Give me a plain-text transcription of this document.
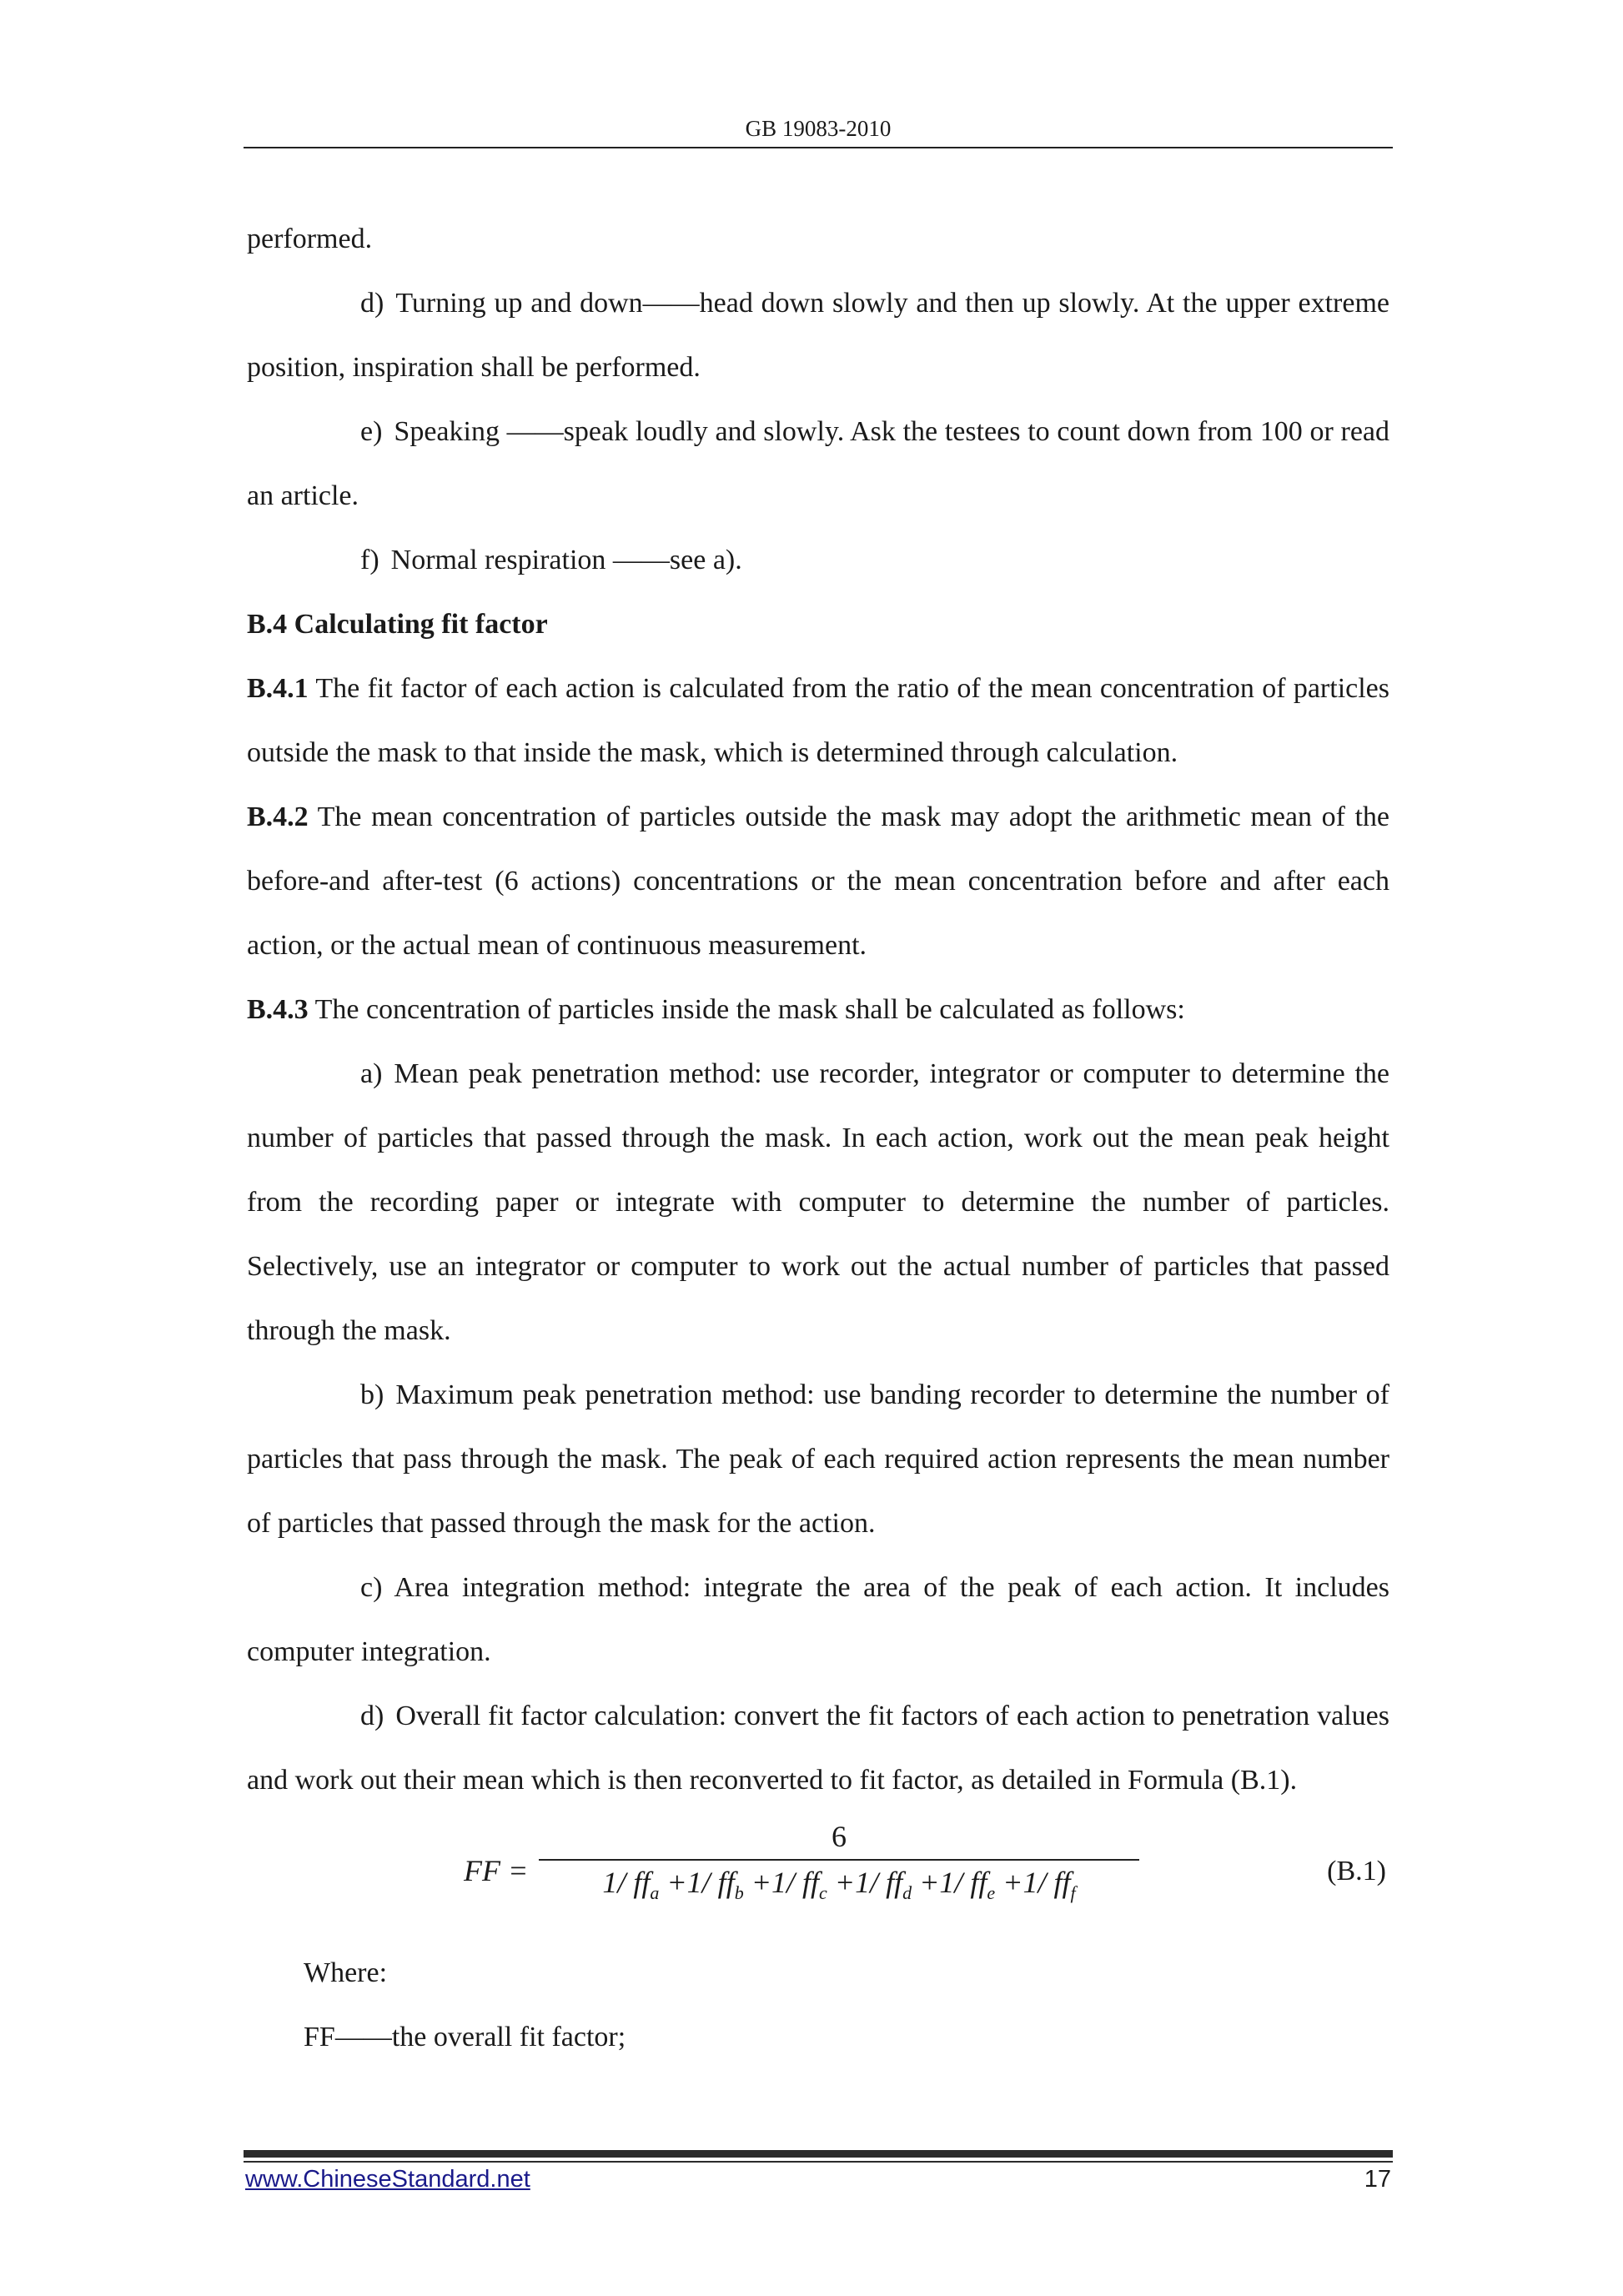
GB 19083-2010

performed.

d) Turning up and down——head down slowly and then up slowly. At the upper extreme position, inspiration shall be performed.

e) Speaking ——speak loudly and slowly. Ask the testees to count down from 100 or read an article.

f) Normal respiration ——see a).

B.4 Calculating fit factor

B.4.1 The fit factor of each action is calculated from the ratio of the mean concentration of particles outside the mask to that inside the mask, which is determined through calculation.

B.4.2 The mean concentration of particles outside the mask may adopt the arithmetic mean of the before-and after-test (6 actions) concentrations or the mean concentration before and after each action, or the actual mean of continuous measurement.

B.4.3 The concentration of particles inside the mask shall be calculated as follows:

a) Mean peak penetration method: use recorder, integrator or computer to determine the number of particles that passed through the mask. In each action, work out the mean peak height from the recording paper or integrate with computer to determine the number of particles. Selectively, use an integrator or computer to work out the actual number of particles that passed through the mask.

b) Maximum peak penetration method: use banding recorder to determine the number of particles that pass through the mask. The peak of each required action represents the mean number of particles that passed through the mask for the action.

c) Area integration method: integrate the area of the peak of each action. It includes computer integration.

d) Overall fit factor calculation: convert the fit factors of each action to penetration values and work out their mean which is then reconverted to fit factor, as detailed in Formula (B.1).

FF =
6
1/ $ff_a +1/$ $ff_b +1/$ $ff_c +1/$ $ff_d +1/$ $ff_e +1/$ $ff_f$
(B.1)

Where:

FF——the overall fit factor;

www.ChineseStandard.net	17
